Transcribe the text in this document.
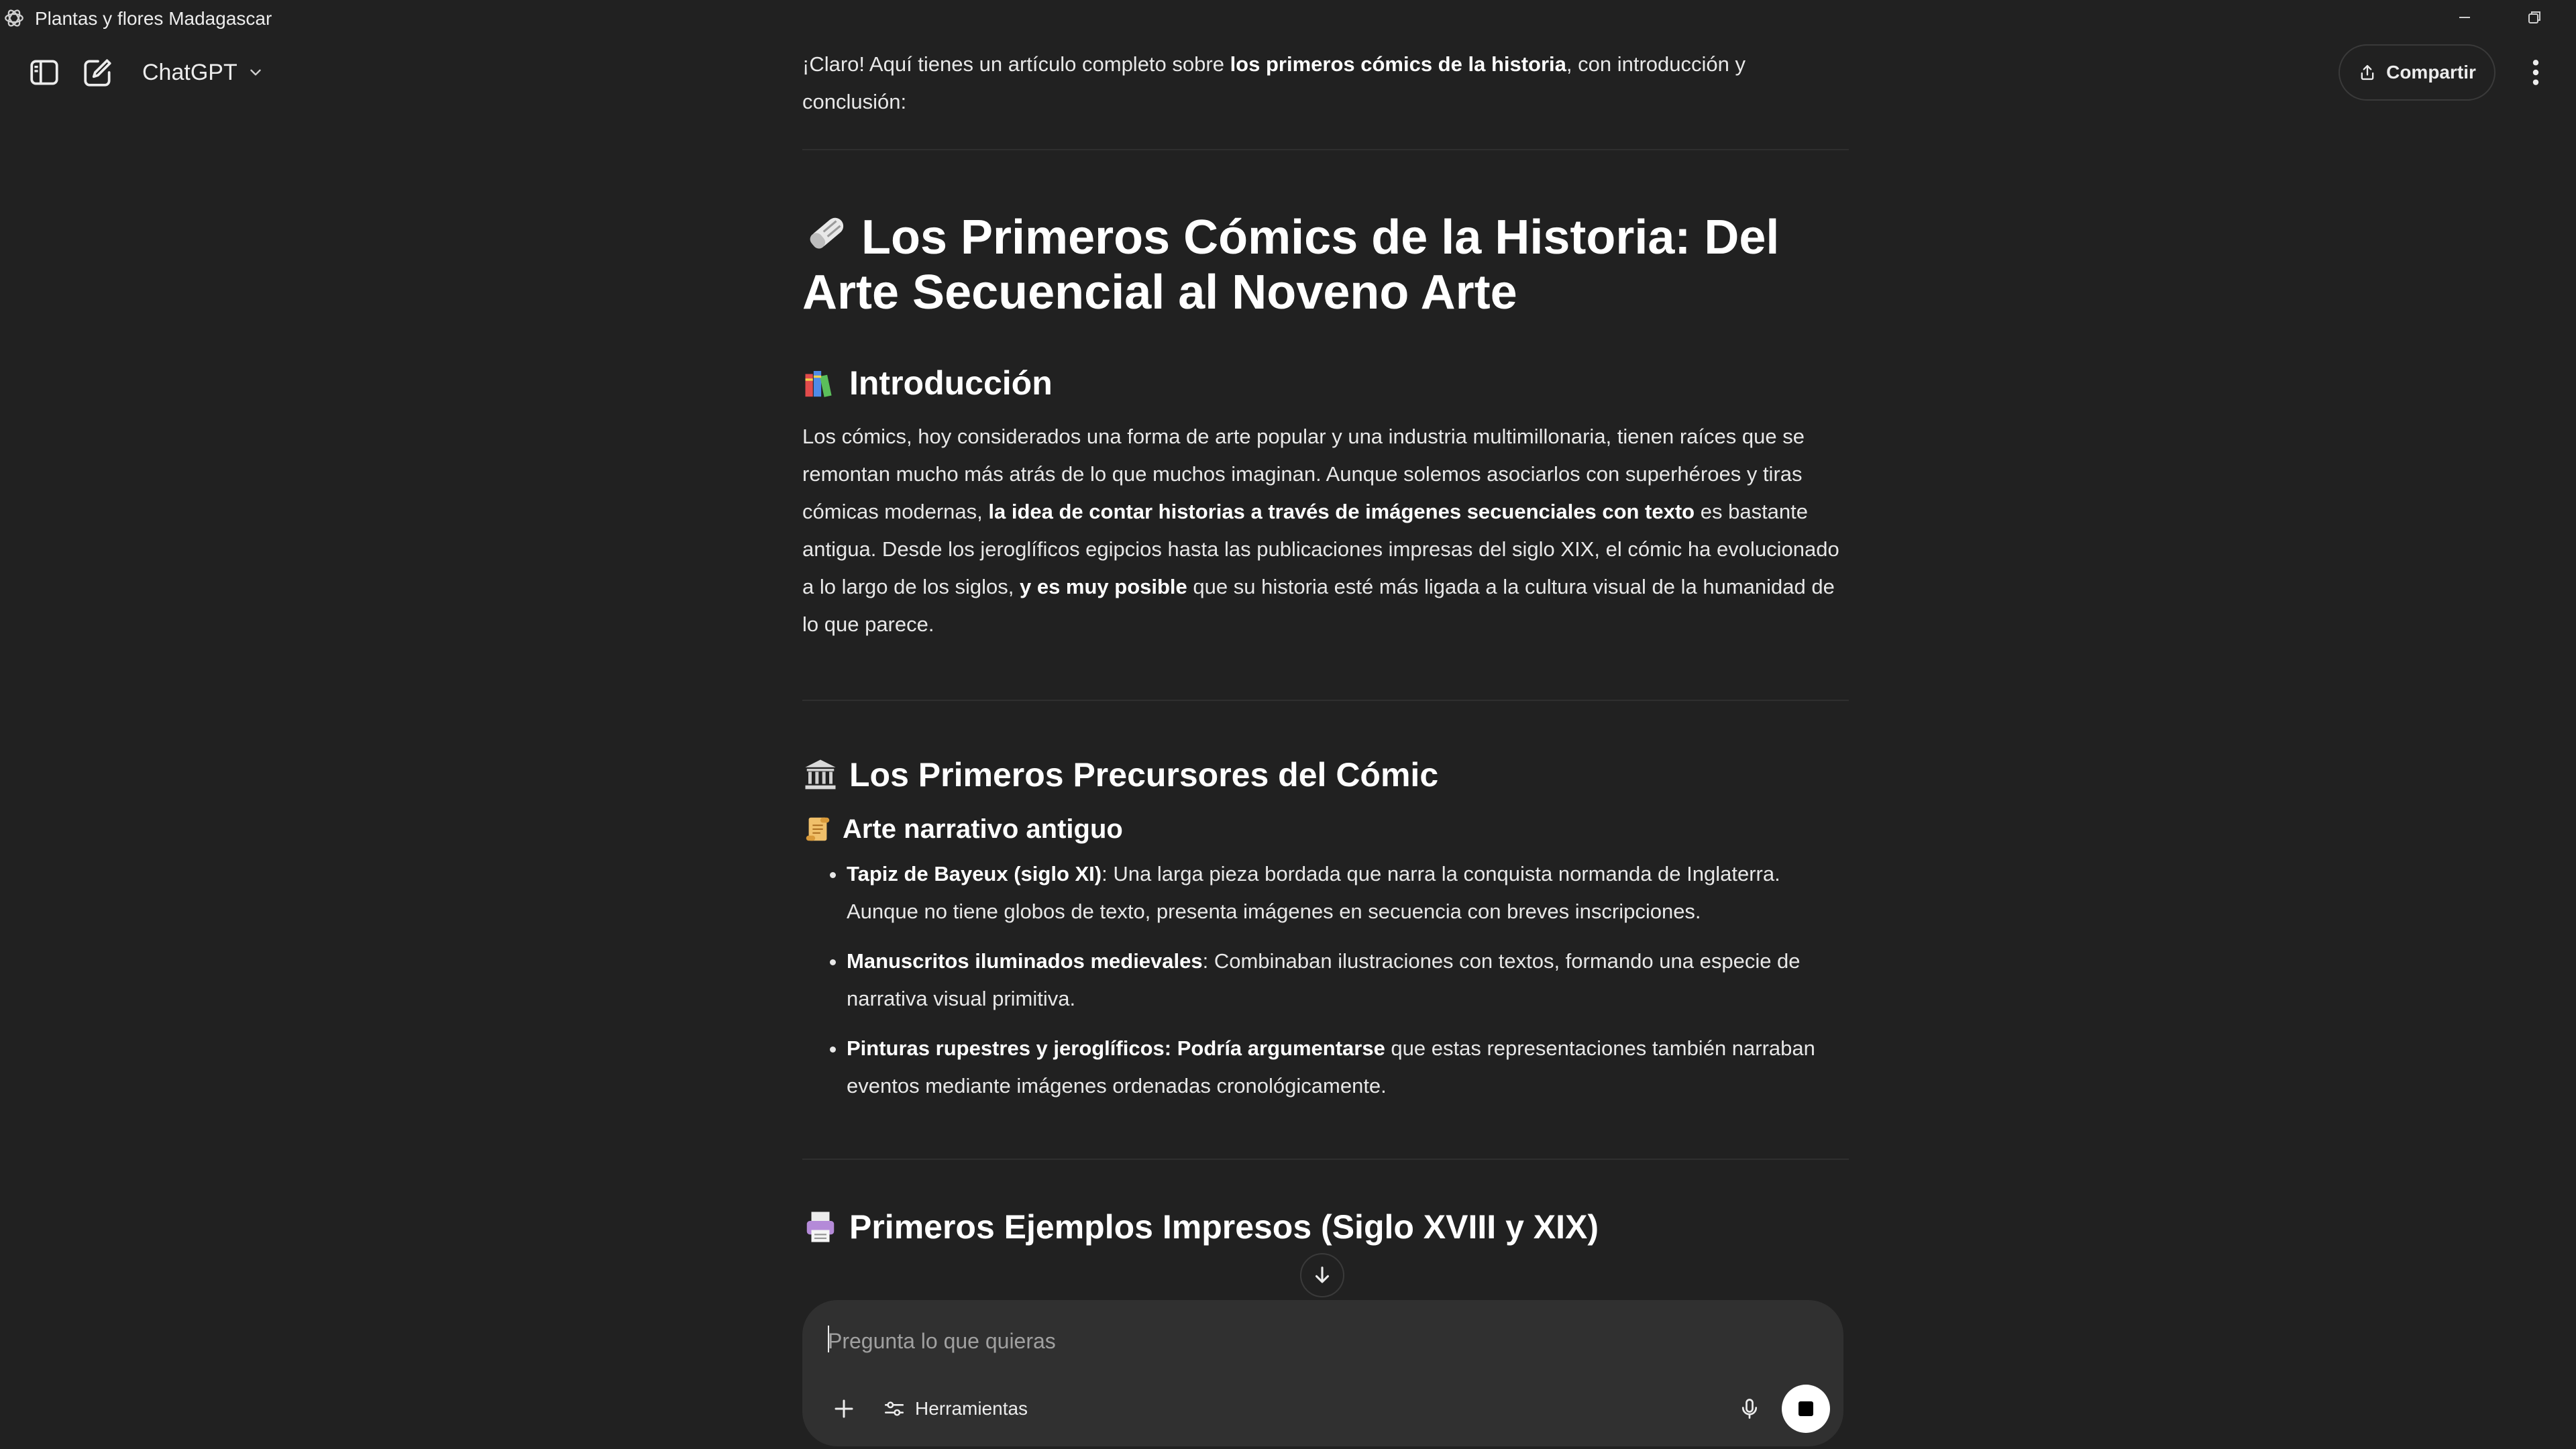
Plantas y flores Madagascar
ChatGPT	Compartir

¡Claro! Aquí tienes un artículo completo sobre los primeros cómics de la historia, con introducción y conclusión:

Los Primeros Cómics de la Historia: Del Arte Secuencial al Noveno Arte
Introducción

Los cómics, hoy considerados una forma de arte popular y una industria multimillonaria, tienen raíces que se remontan mucho más atrás de lo que muchos imaginan. Aunque solemos asociarlos con superhéroes y tiras cómicas modernas, la idea de contar historias a través de imágenes secuenciales con texto es bastante antigua. Desde los jeroglíficos egipcios hasta las publicaciones impresas del siglo XIX, el cómic ha evolucionado a lo largo de los siglos, y es muy posible que su historia esté más ligada a la cultura visual de la humanidad de lo que parece.

Los Primeros Precursores del Cómic
Arte narrativo antiguo
• Tapiz de Bayeux (siglo XI): Una larga pieza bordada que narra la conquista normanda de Inglaterra. Aunque no tiene globos de texto, presenta imágenes en secuencia con breves inscripciones.
• Manuscritos iluminados medievales: Combinaban ilustraciones con textos, formando una especie de narrativa visual primitiva.
• Pinturas rupestres y jeroglíficos: Podría argumentarse que estas representaciones también narraban eventos mediante imágenes ordenadas cronológicamente.
Primeros Ejemplos Impresos (Siglo XVIII y XIX)
Pregunta lo que quieras
Herramientas
